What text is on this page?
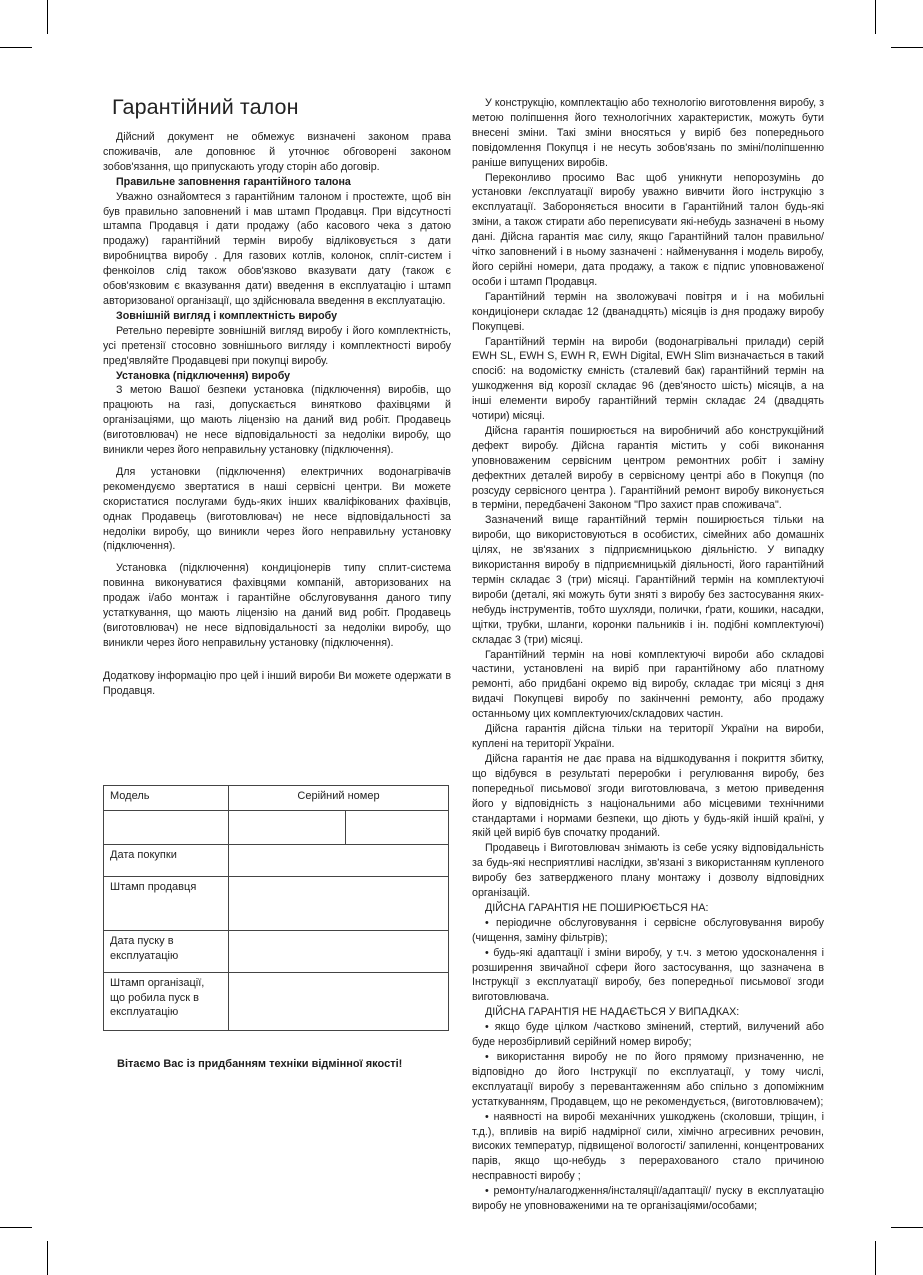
Гарантійний талон

Дійсний документ не обмежує визначені законом права споживачів, але доповнює й уточнює обговорені законом зобов'язання, що припускають угоду сторін або договір.

Правильне заповнення гарантійного талона

Уважно ознайомтеся з гарантійним талоном і простежте, щоб він був правильно заповнений і мав штамп Продавця. При відсутності штампа Продавця і дати продажу (або касового чека з датою продажу) гарантійний термін виробу відліковується з дати виробництва виробу . Для газових котлів, колонок, спліт-систем і фенкоілов слід також обов'язково вказувати дату (також є обов'язковим є вказування дати) введення в експлуатацію і штамп авторизованої організації, що здійснювала введення в експлуатацію.

Зовнішній вигляд і комплектність виробу

Ретельно перевірте зовнішній вигляд виробу і його комплектність, усі претензії стосовно зовнішнього вигляду і комплектності виробу пред'являйте Продавцеві при покупці виробу.

Установка (підключення) виробу

З метою Вашої безпеки установка (підключення) виробів, що працюють на газі, допускається винятково фахівцями й організаціями, що мають ліцензію на даний вид робіт. Продавець (виготовлювач) не несе відповідальності за недоліки виробу, що виникли через його неправильну установку (підключення).

Для установки (підключення) електричних водонагрівачів рекомендуємо звертатися в наші сервісні центри. Ви можете скористатися послугами будь-яких інших кваліфікованих фахівців, однак Продавець (виготовлювач) не несе відповідальності за недоліки виробу, що виникли через його неправильну установку (підключення).

Установка (підключення) кондиціонерів типу сплит-система повинна виконуватися фахівцями компаній, авторизованих на продаж і/або монтаж і гарантійне обслуговування даного типу устаткування, що мають ліцензію на даний вид робіт. Продавець (виготовлювач) не несе відповідальності за недоліки виробу, що виникли через його неправильну установку (підключення).

Додаткову інформацію про цей і інший вироби Ви можете одержати в Продавця.

Модель	Серійний номер	

Дата покупки		
Штамп продавця		
Дата пуску в експлуатацію		
Штамп організації, що робила пуск в експлуатацію		
Вітаємо Вас із придбанням техніки відмінної якості!

У конструкцію, комплектацію або технологію виготовлення виробу, з метою поліпшення його технологічних характеристик, можуть бути внесені зміни. Такі зміни вносяться у виріб без попереднього повідомлення Покупця і не несуть зобов'язань по зміні/поліпшенню раніше випущених виробів.

Переконливо просимо Вас щоб уникнути непорозумінь до установки /експлуатації виробу уважно вивчити його інструкцію з експлуатації. Забороняється вносити в Гарантійний талон будь-які зміни, а також стирати або переписувати які-небудь зазначені в ньому дані. Дійсна гарантія має силу, якщо Гарантійний талон правильно/чітко заповнений і в ньому зазначені : найменування і модель виробу, його серійні номери, дата продажу, а також є підпис уповноваженої особи і штамп Продавця.

Гарантійний термін на зволожувачі повітря и і на мобильні кондиціонери складає 12 (дванадцять) місяців із дня продажу виробу Покупцеві.

Гарантійний термін на вироби (водонагрівальні прилади) серій EWH SL, EWH S, EWH R, EWH Digital, EWH Slim визначається в такий спосіб: на водомістку ємність (сталевий бак) гарантійний термін на ушкодження від корозії складає 96 (дев'яносто шість) місяців, а на інші елементи виробу гарантійний термін складає 24 (двадцять чотири) місяці.

Дійсна гарантія поширюється на виробничий або конструкційний дефект виробу. Дійсна гарантія містить у собі виконання уповноваженим сервісним центром ремонтних робіт і заміну дефектних деталей виробу в сервісному центрі або в Покупця (по розсуду сервісного центра ). Гарантійний ремонт виробу виконується в терміни, передбачені Законом "Про захист прав споживача".

Зазначений вище гарантійний термін поширюється тільки на вироби, що використовуються в особистих, сімейних або домашніх цілях, не зв'язаних з підприємницькою діяльністю. У випадку використання виробу в підприємницькій діяльності, його гарантійний термін складає 3 (три) місяці. Гарантійний термін на комплектуючі вироби (деталі, які можуть бути зняті з виробу без застосування яких-небудь інструментів, тобто шухляди, полички, ґрати, кошики, насадки, щітки, трубки, шланги, коронки пальників і ін. подібні комплектуючі) складає 3 (три) місяці.

Гарантійний термін на нові комплектуючі вироби або складові частини, установлені на виріб при гарантійному або платному ремонті, або придбані окремо від виробу, складає три місяці з дня видачі Покупцеві виробу по закінченні ремонту, або продажу останньому цих комплектуючих/складових частин.

Дійсна гарантія дійсна тільки на території України на вироби, куплені на території України.

Дійсна гарантія не дає права на відшкодування і покриття збитку, що відбувся в результаті переробки і регулювання виробу, без попередньої письмової згоди виготовлювача, з метою приведення його у відповідність з національними або місцевими технічними стандартами і нормами безпеки, що діють у будь-якій іншій країні, у якій цей виріб був спочатку проданий.

Продавець і Виготовлювач знімають із себе усяку відповідальність за будь-які несприятливі наслідки, зв'язані з використанням купленого виробу без затвердженого плану монтажу і дозволу відповідних організацій.

ДІЙСНА ГАРАНТІЯ НЕ ПОШИРЮЄТЬСЯ НА:

• періодичне обслуговування і сервісне обслуговування виробу (чищення, заміну фільтрів);

• будь-які адаптації і зміни виробу, у т.ч. з метою удосконалення і розширення звичайної сфери його застосування, що зазначена в Інструкції з експлуатації виробу, без попередньої письмової згоди виготовлювача.

ДІЙСНА ГАРАНТІЯ НЕ НАДАЄТЬСЯ У ВИПАДКАХ:

• якщо буде цілком /частково змінений, стертий, вилучений або буде нерозбірливий серійний номер виробу;

• використання виробу не по його прямому призначенню, не відповідно до його Інструкції по експлуатації, у тому числі, експлуатації виробу з перевантаженням або спільно з допоміжним устаткуванням, Продавцем, що не рекомендується, (виготовлювачем);

• наявності на виробі механічних ушкоджень (сколовши, тріщин, і т.д.), впливів на виріб надмірної сили, хімічно агресивних речовин, високих температур, підвищеної вологості/ запиленні, концентрованих парів, якщо що-небудь з перерахованого стало причиною несправності виробу ;

• ремонту/налагодження/інсталяції/адаптації/ пуску в експлуатацію виробу не уповноваженими на те організаціями/особами;
